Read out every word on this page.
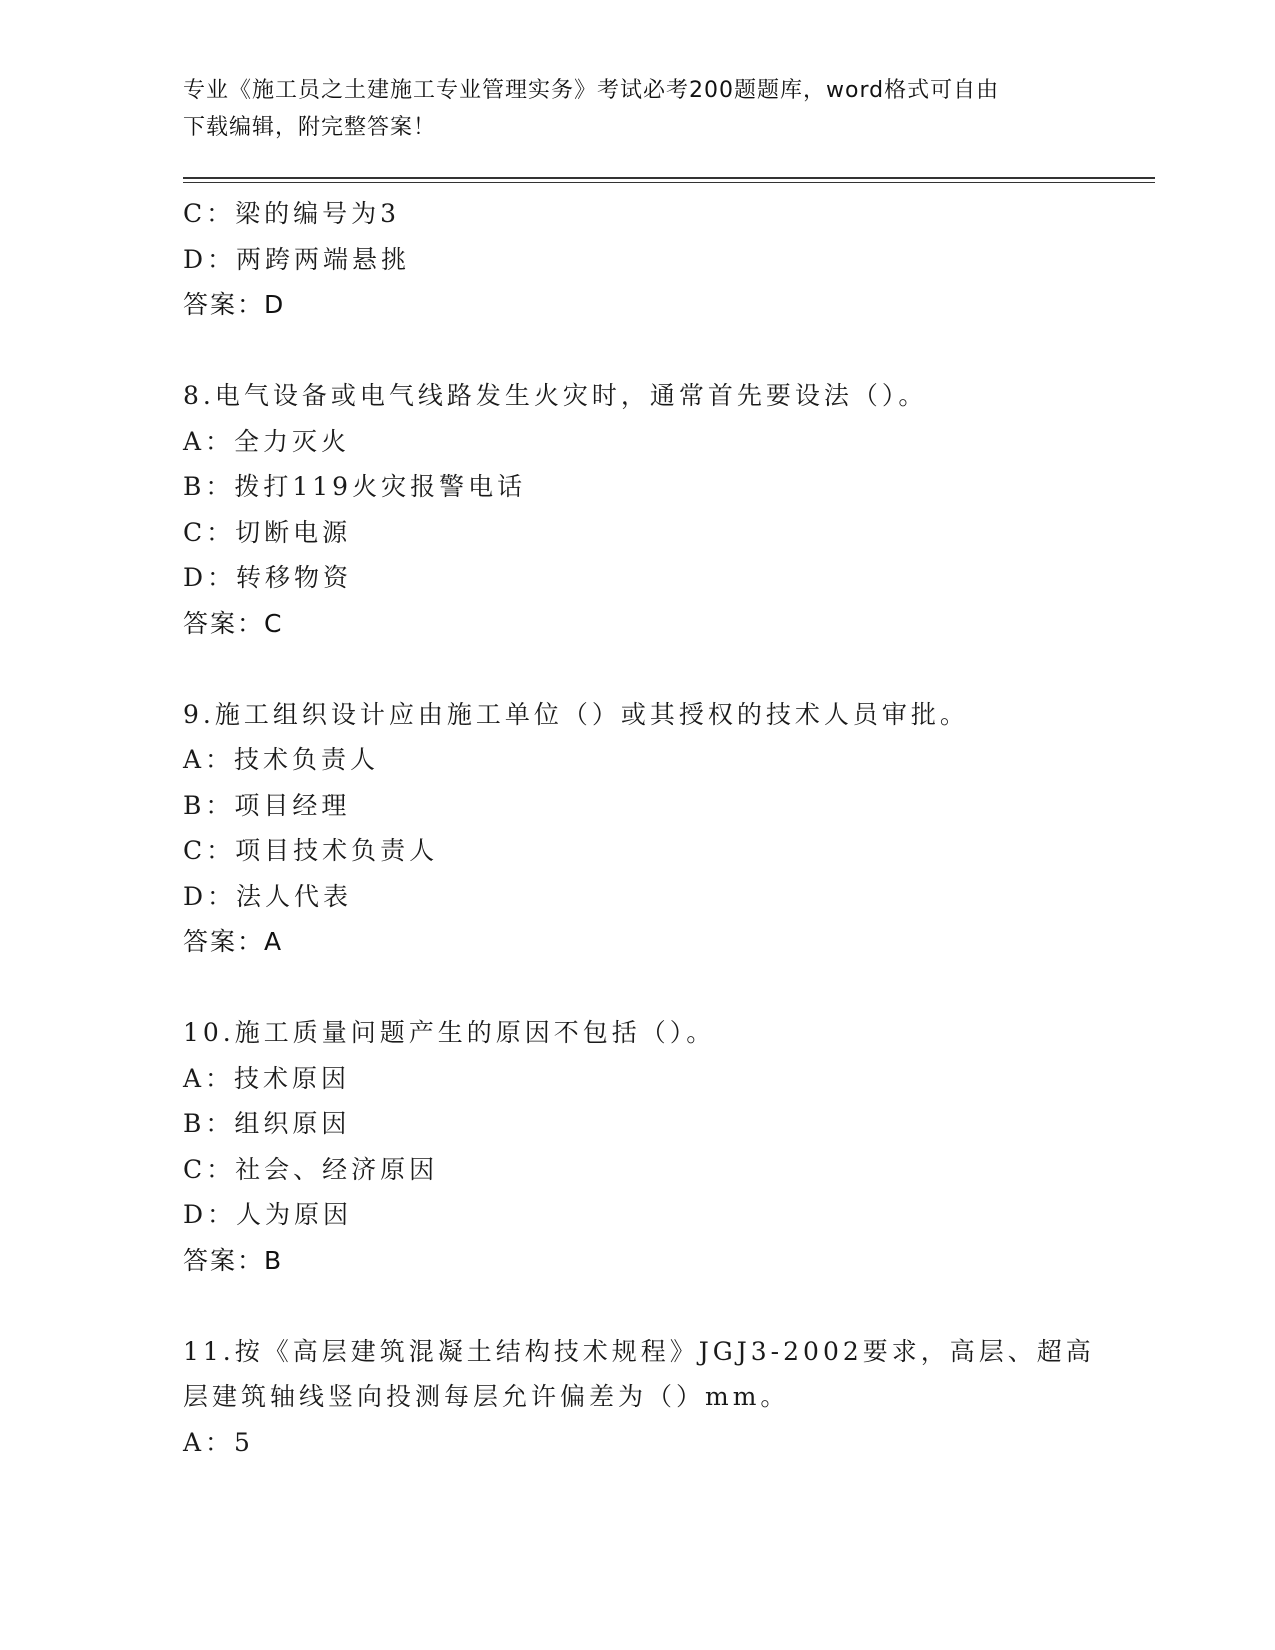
专业《施工员之土建施工专业管理实务》考试必考200题题库，word格式可自由
下载编辑，附完整答案！
C：梁的编号为3
D：两跨两端悬挑
答案：D
8.电气设备或电气线路发生火灾时，通常首先要设法（）。
A：全力灭火
B：拨打119火灾报警电话
C：切断电源
D：转移物资
答案：C
9.施工组织设计应由施工单位（）或其授权的技术人员审批。
A：技术负责人
B：项目经理
C：项目技术负责人
D：法人代表
答案：A
10.施工质量问题产生的原因不包括（）。
A：技术原因
B：组织原因
C：社会、经济原因
D：人为原因
答案：B
11.按《高层建筑混凝土结构技术规程》JGJ3-2002要求，高层、超高
层建筑轴线竖向投测每层允许偏差为（）mm。
A：5
